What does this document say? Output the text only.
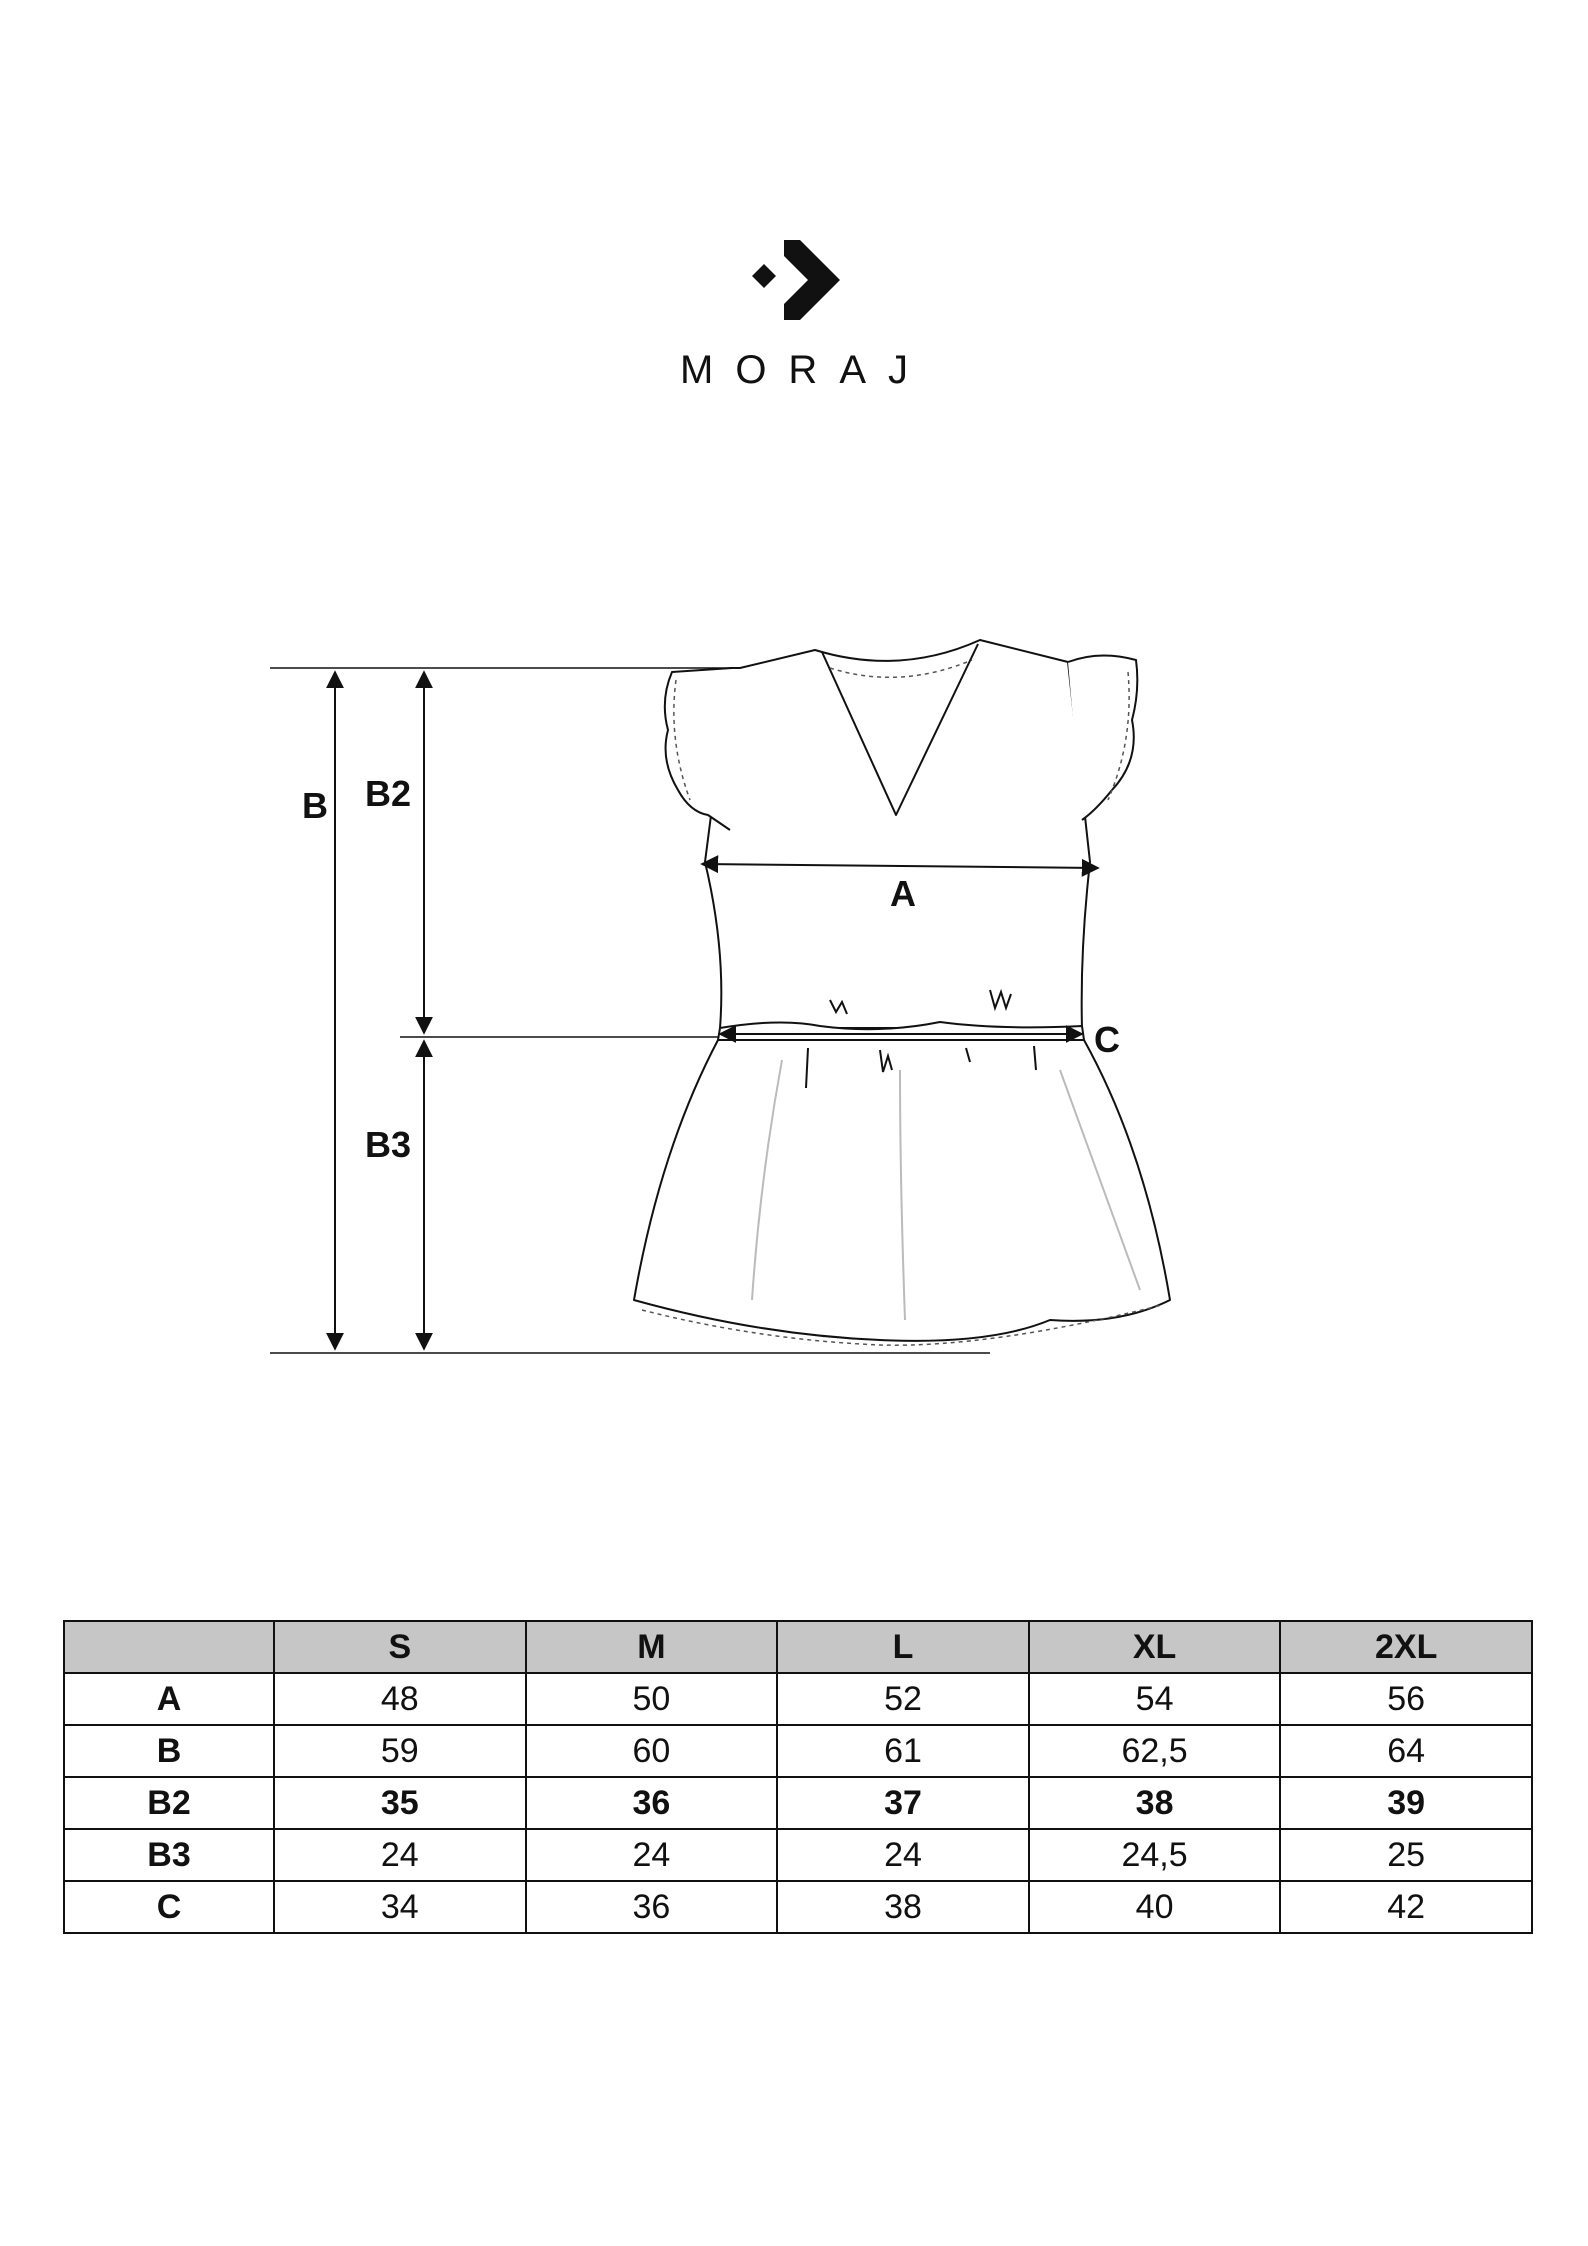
MORAJ
B B2
B3
A
C
	S	M	L	XL	2XL
A	48	50	52	54	56
B	59	60	61	62,5	64
B2	35	36	37	38	39
B3	24	24	24	24,5	25
C	34	36	38	40	42
